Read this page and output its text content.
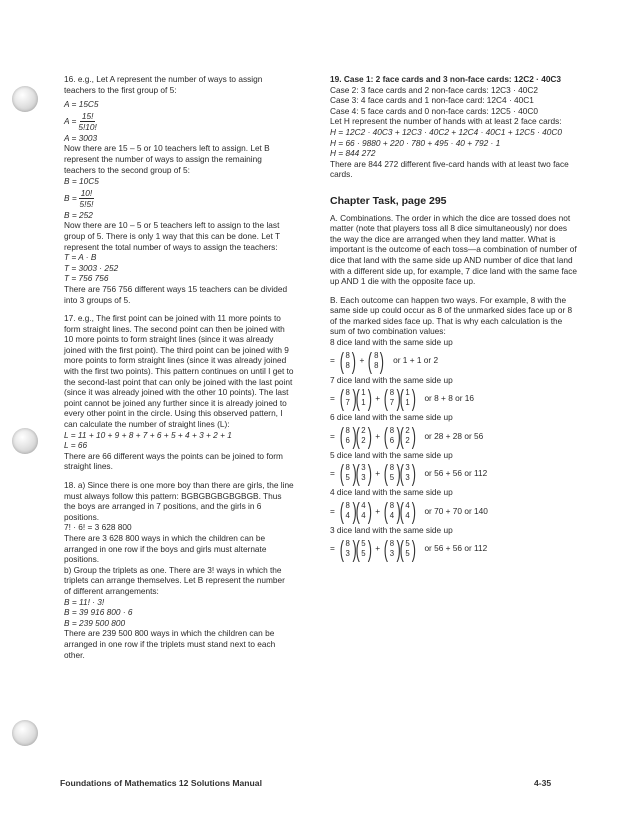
16. e.g., Let A represent the number of ways to assign teachers to the first group of 5:

A =
15C5
$A = \frac{15!}{5!10!}$

A = 3003

Now there are 15 – 5 or 10 teachers left to assign. Let B represent the number of ways to assign the remaining teachers to the second group of 5:

B =
10C5
$B = \frac{10!}{5!5!}$

B = 252

Now there are 10 – 5 or 5 teachers left to assign to the last group of 5. There is only 1 way that this can be done. Let T represent the total number of ways to assign the teachers:

T = A · B

T = 3003 · 252

T = 756 756

There are 756 756 different ways 15 teachers can be divided into 3 groups of 5.

17. e.g., The first point can be joined with 11 more points to form straight lines. The second point can then be joined with 10 more points to form straight lines (since it was already joined with the first point). The third point can be joined with 9 more points to form straight lines (since it was already joined with the first two points). This pattern continues on until I get to the second-last point that can only be joined with the last point (since it was already joined with the other 10 points). The last point cannot be joined any further since it is already joined to every other point in the circle. Using this observed pattern, I can calculate the number of straight lines (L):

L = 11 + 10 + 9 + 8 + 7 + 6 + 5 + 4 + 3 + 2 + 1

L = 66

There are 66 different ways the points can be joined to form straight lines.

18. a) Since there is one more boy than there are girls, the line must always follow this pattern: BGBGBGBGBGBGB. Thus the boys are arranged in 7 positions, and the girls in 6 positions.

7! · 6! = 3 628 800

There are 3 628 800 ways in which the children can be arranged in one row if the boys and girls must alternate positions.

b) Group the triplets as one. There are 3! ways in which the triplets can arrange themselves. Let B represent the number of different arrangements:

B = 11! · 3!

B = 39 916 800 · 6

B = 239 500 800

There are 239 500 800 ways in which the children can be arranged in one row if the triplets must stand next to each other.

19. Case 1: 2 face cards and 3 non-face cards: 12C2 · 40C3

Case 2: 3 face cards and 2 non-face cards: 12C3 · 40C2

Case 3: 4 face cards and 1 non-face card: 12C4 · 40C1

Case 4: 5 face cards and 0 non-face cards: 12C5 · 40C0

Let H represent the number of hands with at least 2 face cards:

H = 12C2 · 40C3 + 12C3 · 40C2 + 12C4 · 40C1 + 12C5 · 40C0

H = 66 · 9880 + 220 · 780 + 495 · 40 + 792 · 1

H = 844 272

There are 844 272 different five-card hands with at least two face cards.

Chapter Task, page 295

A. Combinations. The order in which the dice are tossed does not matter (note that players toss all 8 dice simultaneously) nor does the way the dice are arranged when they land matter. What is important is the outcome of each toss—a combination of number of dice that land with the same side up AND number of dice that land with a different side up, for example, 7 dice land with the same face up AND 1 die with the opposite face up.

B. Each outcome can happen two ways. For example, 8 with the same side up could occur as 8 of the unmarked sides face up or 8 of the marked sides face up. That is why each calculation is the sum of two combination values:

8 dice land with the same side up

= ( 8
8 ) + ( 8
8 ) or 1 + 1 or 2

7 dice land with the same side up

= ( 8
7 )( 1
1 ) + ( 8
7 )( 1
1 ) or 8 + 8 or 16

6 dice land with the same side up

= ( 8
6 )( 2
2 ) + ( 8
6 )( 2
2 ) or 28 + 28 or 56

5 dice land with the same side up

= ( 8
5 )( 3
3 ) + ( 8
5 )( 3
3 ) or 56 + 56 or 112

4 dice land with the same side up

= ( 8
4 )( 4
4 ) + ( 8
4 )( 4
4 ) or 70 + 70 or 140

3 dice land with the same side up

= ( 8
3 )( 5
5 ) + ( 8
3 )( 5
5 ) or 56 + 56 or 112
Foundations of Mathematics 12 Solutions Manual	4-35
